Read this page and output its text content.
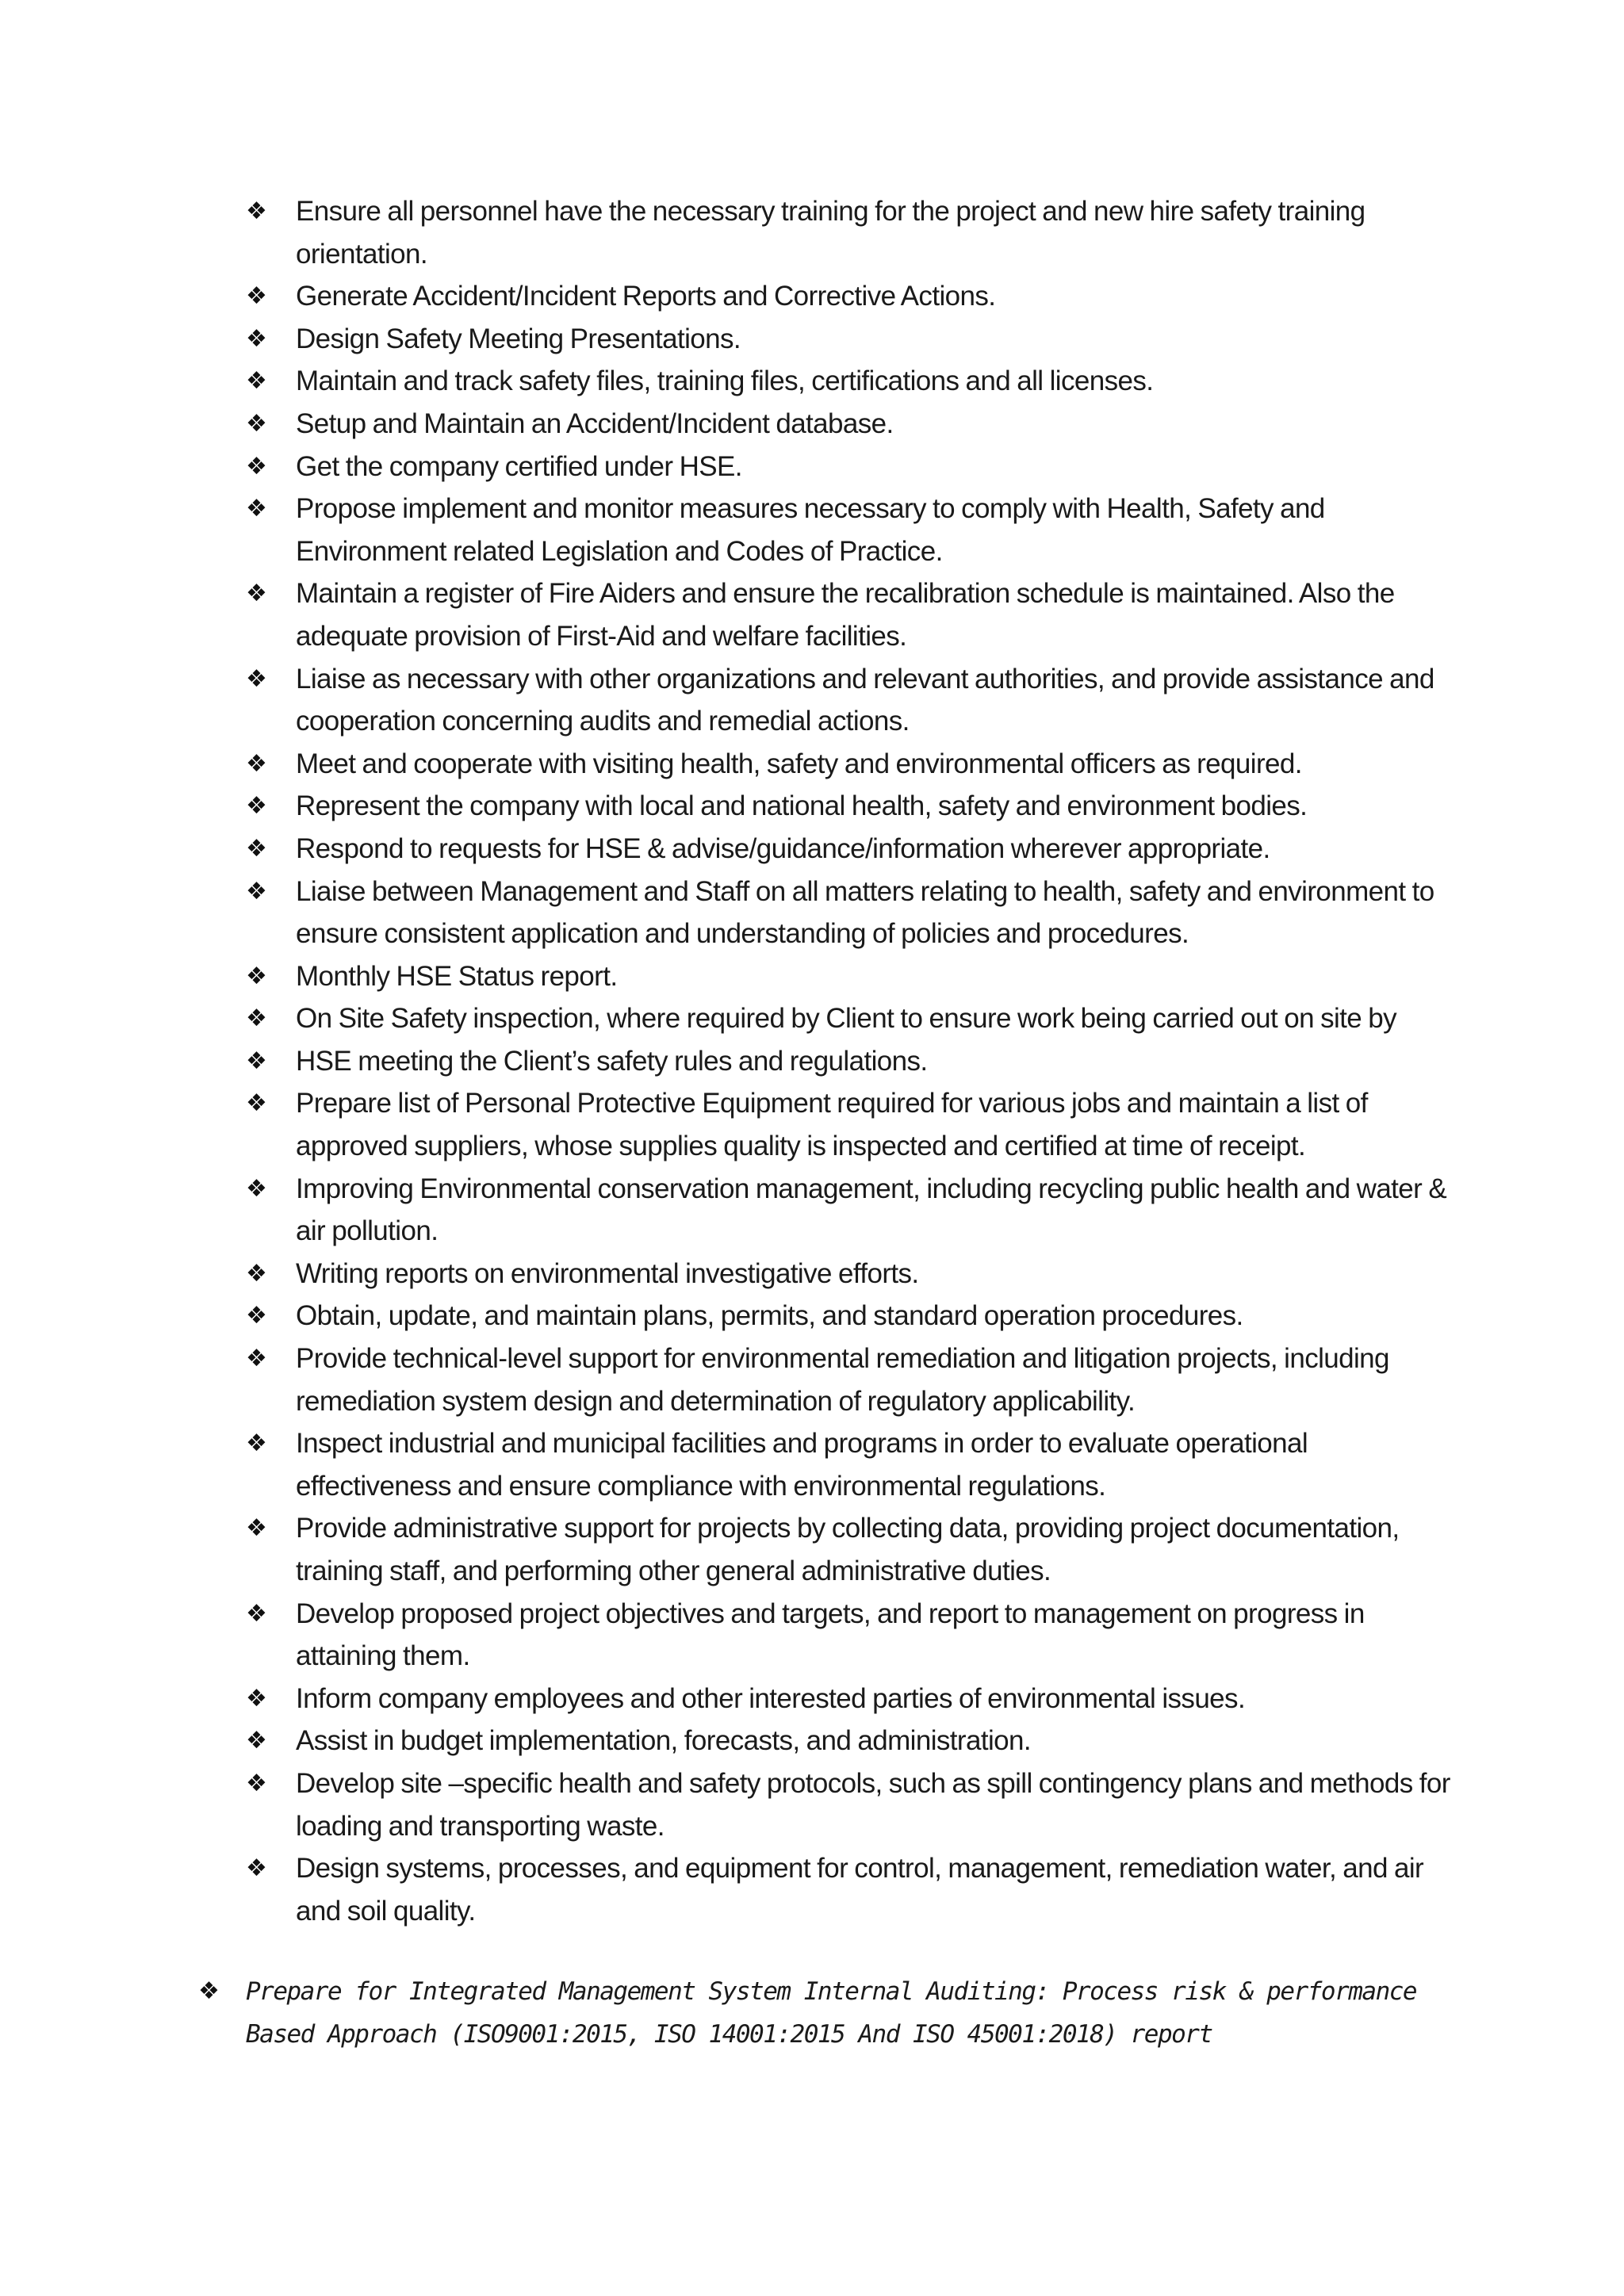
❖ Ensure all personnel have the necessary training for the project and new hire safety training orientation.
❖ Generate Accident/Incident Reports and Corrective Actions.
❖ Design Safety Meeting Presentations.
❖ Maintain and track safety files, training files, certifications and all licenses.
❖ Setup and Maintain an Accident/Incident database.
❖ Get the company certified under HSE.
❖ Propose implement and monitor measures necessary to comply with Health, Safety and Environment related Legislation and Codes of Practice.
❖ Maintain a register of Fire Aiders and ensure the recalibration schedule is maintained. Also the adequate provision of First-Aid and welfare facilities.
❖ Liaise as necessary with other organizations and relevant authorities, and provide assistance and cooperation concerning audits and remedial actions.
❖ Meet and cooperate with visiting health, safety and environmental officers as required.
❖ Represent the company with local and national health, safety and environment bodies.
❖ Respond to requests for HSE & advise/guidance/information wherever appropriate.
❖ Liaise between Management and Staff on all matters relating to health, safety and environment to ensure consistent application and understanding of policies and procedures.
❖ Monthly HSE Status report.
❖ On Site Safety inspection, where required by Client to ensure work being carried out on site by
❖ HSE meeting the Client’s safety rules and regulations.
❖ Prepare list of Personal Protective Equipment required for various jobs and maintain a list of approved suppliers, whose supplies quality is inspected and certified at time of receipt.
❖ Improving Environmental conservation management, including recycling public health and water & air pollution.
❖ Writing reports on environmental investigative efforts.
❖ Obtain, update, and maintain plans, permits, and standard operation procedures.
❖ Provide technical-level support for environmental remediation and litigation projects, including remediation system design and determination of regulatory applicability.
❖ Inspect industrial and municipal facilities and programs in order to evaluate operational effectiveness and ensure compliance with environmental regulations.
❖ Provide administrative support for projects by collecting data, providing project documentation, training staff, and performing other general administrative duties.
❖ Develop proposed project objectives and targets, and report to management on progress in attaining them.
❖ Inform company employees and other interested parties of environmental issues.
❖ Assist in budget implementation, forecasts, and administration.
❖ Develop site –specific health and safety protocols, such as spill contingency plans and methods for loading and transporting waste.
❖ Design systems, processes, and equipment for control, management, remediation water, and air and soil quality.
❖	Prepare for Integrated Management System Internal Auditing: Process risk & performance Based Approach (ISO9001:2015, ISO 14001:2015 And ISO 45001:2018) report
